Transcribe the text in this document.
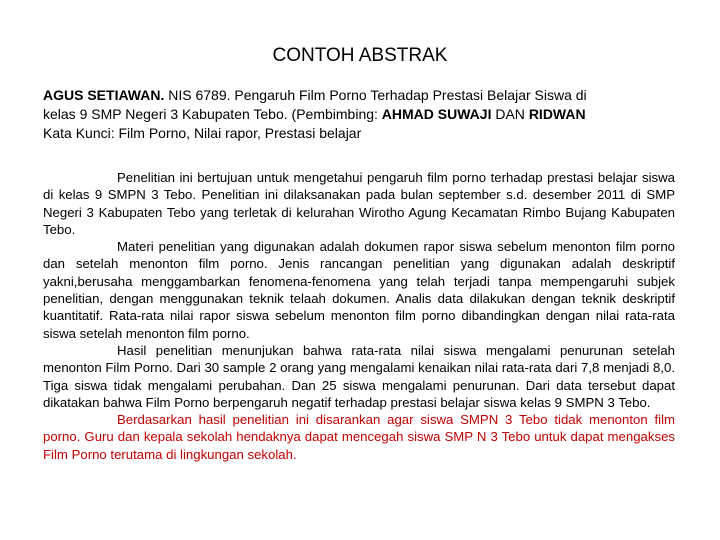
CONTOH ABSTRAK
AGUS SETIAWAN. NIS 6789. Pengaruh Film Porno Terhadap Prestasi Belajar Siswa di
kelas 9 SMP Negeri 3 Kabupaten Tebo. (Pembimbing: AHMAD SUWAJI DAN RIDWAN
Kata Kunci: Film Porno, Nilai rapor, Prestasi belajar

Penelitian ini bertujuan untuk mengetahui pengaruh film porno terhadap prestasi belajar siswa di kelas 9 SMPN 3 Tebo. Penelitian ini dilaksanakan pada bulan september s.d. desember 2011 di SMP Negeri 3 Kabupaten Tebo yang terletak di kelurahan Wirotho Agung Kecamatan Rimbo Bujang Kabupaten Tebo.

Materi penelitian yang digunakan adalah dokumen rapor siswa sebelum menonton film porno dan setelah menonton film porno. Jenis rancangan penelitian yang digunakan adalah deskriptif yakni,berusaha menggambarkan fenomena-fenomena yang telah terjadi tanpa mempengaruhi subjek penelitian, dengan menggunakan teknik telaah dokumen. Analis data dilakukan dengan teknik deskriptif kuantitatif. Rata-rata nilai rapor siswa sebelum menonton film porno dibandingkan dengan nilai rata-rata siswa setelah menonton film porno.

Hasil penelitian menunjukan bahwa rata-rata nilai siswa mengalami penurunan setelah menonton Film Porno. Dari 30 sample 2 orang yang mengalami kenaikan nilai rata-rata dari 7,8 menjadi 8,0. Tiga siswa tidak mengalami perubahan. Dan 25 siswa mengalami penurunan. Dari data tersebut dapat dikatakan bahwa Film Porno berpengaruh negatif terhadap prestasi belajar siswa kelas 9 SMPN 3 Tebo.

Berdasarkan hasil penelitian ini disarankan agar siswa SMPN 3 Tebo tidak menonton film porno. Guru dan kepala sekolah hendaknya dapat mencegah siswa SMP N 3 Tebo untuk dapat mengakses Film Porno terutama di lingkungan sekolah.
